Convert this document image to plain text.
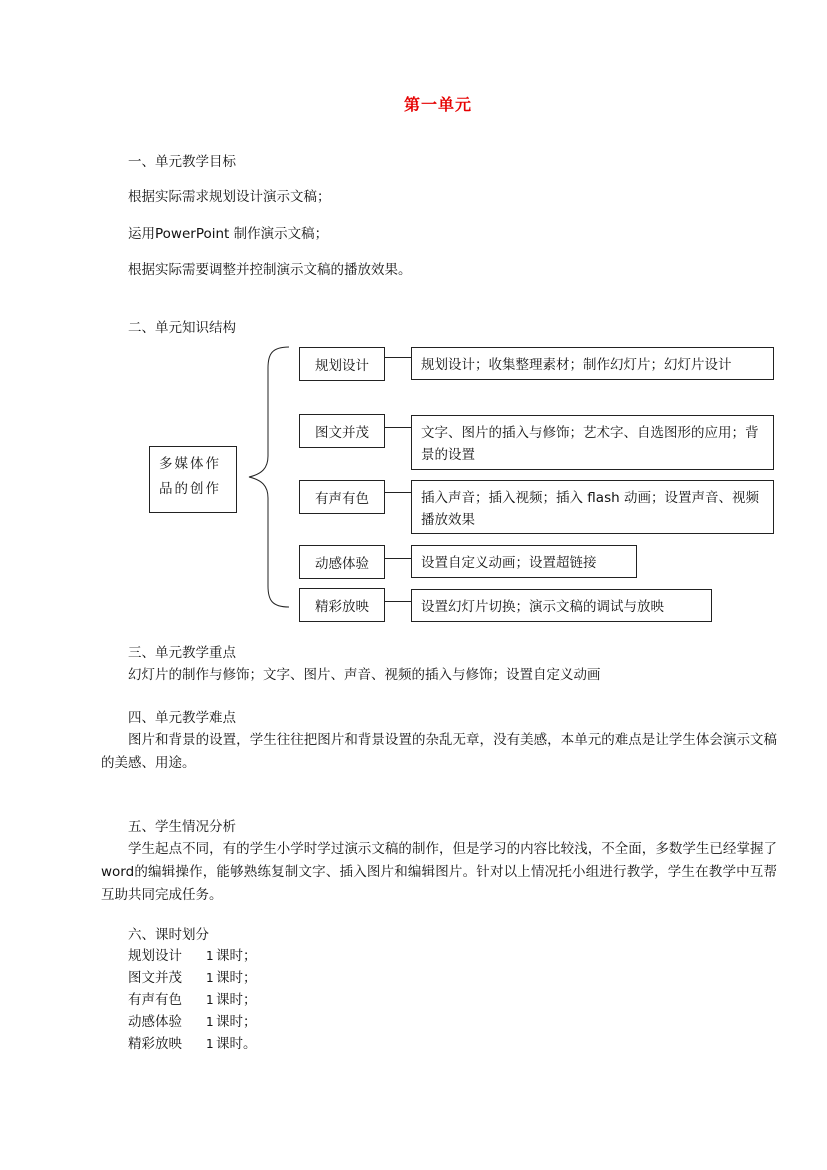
第一单元
一、单元教学目标
根据实际需求规划设计演示文稿；
运用PowerPoint 制作演示文稿；
根据实际需要调整并控制演示文稿的播放效果。
二、单元知识结构
多媒体作品的创作
规划设计	规划设计；收集整理素材；制作幻灯片；幻灯片设计
图文并茂	文字、图片的插入与修饰；艺术字、自选图形的应用；背景的设置
有声有色	插入声音；插入视频；插入 flash 动画；设置声音、视频播放效果
动感体验	设置自定义动画；设置超链接
精彩放映	设置幻灯片切换；演示文稿的调试与放映
三、单元教学重点
幻灯片的制作与修饰；文字、图片、声音、视频的插入与修饰；设置自定义动画
四、单元教学难点
图片和背景的设置，学生往往把图片和背景设置的杂乱无章，没有美感，本单元的难点是让学生体会演示文稿的美感、用途。
五、学生情况分析
学生起点不同，有的学生小学时学过演示文稿的制作，但是学习的内容比较浅，不全面，多数学生已经掌握了word的编辑操作，能够熟练复制文字、插入图片和编辑图片。针对以上情况托小组进行教学，学生在教学中互帮互助共同完成任务。
六、课时划分
规划设计 1 课时；
图文并茂 1 课时；
有声有色 1 课时；
动感体验 1 课时；
精彩放映 1 课时。
